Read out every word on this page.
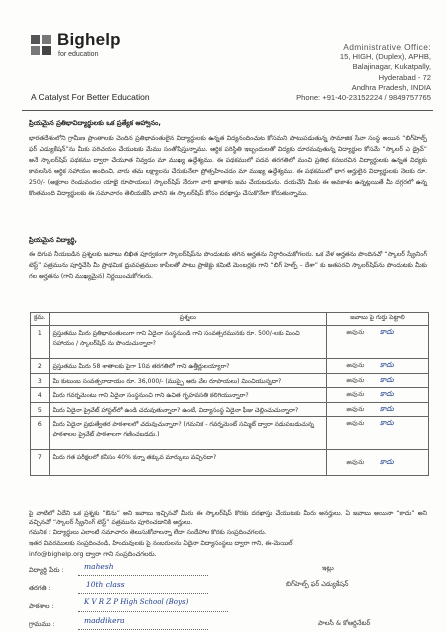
Bighelp
for education
A Catalyst For Better Education
Administrative Office:
15, HIGH, (Duplex), APHB,
Balajinagar, Kukatpally,
Hyderabad - 72
Andhra Pradesh, INDIA
Phone: +91-40-23152224 / 9849757765
ప్రియమైన ప్రతిభావిద్యార్థులకు ఒక ప్రత్యేక ఆహ్వానం,
భారతదేశంలోని గ్రామీణ ప్రాంతాలకు చెందిన ప్రతిభావంతులైన విద్యార్థులకు ఉన్నత విద్యనందించుట కోసమని పాటుపడుతున్న సామాజిక సేవా సంస్థ అయిన “బిగ్‌హెల్ప్ ఫర్ ఎడ్యుకేషన్”ను మీకు పరిచయం చేయుటకు మేము సంతోషిస్తున్నాము. ఆర్థిక పరిస్థితి ఇబ్బందులతో విద్యకు దూరమవుతున్న విద్యార్థుల కోసమే “స్కాలర్ ఎ డ్రైవ్” అనే స్కాలర్‌షిప్ పథకము ద్వారా చేయూత నివ్వడం మా ముఖ్య ఉద్దేశ్యము. ఈ పథకములో పదవ తరగతిలో మంచి ప్రతిభ కనబరచిన విద్యార్థులకు ఉన్నత విద్యకు కావలసిన ఆర్థిక సహాయం అందించి, వారు తమ లక్ష్యాలను చేరుకునేలా ప్రోత్సహించడం మా ముఖ్య ఉద్దేశ్యము. ఈ పథకములో భాగ అర్హులైన విద్యార్థులకు నెలకు రూ. 250/- (అక్షరాల రెండువందల యాభై రూపాయలు) స్కాలర్‌షిప్ నేరుగా వారి ఖాతాకు జమ చేయబడును. దయచేసి మీకు ఈ అవకాశం ఉన్నట్లయితే మీ దగ్గరలో ఉన్న కొంతమంది విద్యార్థులకు ఈ సమాచారం తెలియజేసి వారిని ఈ స్కాలర్‌షిప్ కోసం దరఖాస్తు చేసుకొనేలా కోరుతున్నాము.
ప్రియమైన విద్యార్థి,
ఈ దిగువ నీయబడిన ప్రశ్నలకు జవాబు లిఖిత పూర్వకంగా స్కాలర్‌షిప్‌ను పొందుటకు తగిన అర్హతను నిర్ధారించుకోగలరు. ఒక వేళ అర్హతను పొందినచో “స్కాలర్ స్క్రీనింగ్ టెస్ట్” పత్రమును పూర్తిచేసి మీ ప్రాథమిక ధ్రువపత్రముల కాపీలతో పాటు ప్రాజెక్టు కమిటి మెంబర్లకు గాని “బిగ్ హెల్ప్ – దేశా” కు జతపరచి స్కాలర్‌షిప్‌ను పొందుటకు మీకు గల అర్హతను (గాని ముఖ్యమైన) నిర్ణయించుకోగలరు.
క్రమ.	ప్రశ్నలు	జవాబు పై గుర్తు పెట్టాలి
1	ప్రస్తుతము మీరు ప్రతిభావంతులుగా గాని ఏదైనా సంస్థనుండి గాని సంవత్సరమునకు రూ. 500/-లకు మించి సహాయం / స్కాలర్‌షిప్ ను పొందుచున్నారా?	అవును కాదు
2	ప్రస్తుతము మీరు 58 శాతాలకు పైగా 10వ తరగతిలో గాని ఉత్తీర్ణులయ్యారా?	అవును కాదు
3	మీ కుటుంబ సంవత్సరాదాయం రూ. 36,000/- (ముప్పై ఆరు వేల రూపాయలు) మించియున్నదా?	అవును కాదు
4	మీరు గవర్నమెంటు గాని ఏదైనా సంస్థనుంచి గాని ఉచిత గృహవసతి కలిగియున్నారా?	అవును కాదు
5	మీరు ఏదైనా ప్రైవేట్ హాస్టల్‌లో ఉండి చదువుతున్నారా? ఉంటే, విద్యాసంస్థ ఏదైనా ఫీజు చెల్లించుచున్నారా?	అవును కాదు
6	మీరు ఏదైనా ప్రభుత్వేతర పాఠశాలలో చదువుచున్నారా? (గమనిక - గవర్నమెంట్ సమ్మిట్ ద్వారా నడుపబడుచున్న పాఠశాలల ప్రైవేట్ పాఠశాలగా గణించబడదు.)	అవును కాదు
7	మీరు గత పరీక్షలలో కనీసం 40% కన్నా తక్కువ మార్కులు వచ్చినదా?	అవును కాదు
పై వాటిలో ఏదేని ఒక ప్రశ్నకు “ఔను” అని జవాబు ఇచ్చినచో మీరు ఈ స్కాలర్‌షిప్ కొరకు దరఖాస్తు చేయుటకు మీరు అనర్హులు. ఏ జవాబు అయినా “కాదు” అని వచ్చినచో “స్కాలర్ స్క్రీనింగ్ టెస్ట్” పత్రమును పూరించడానికి అర్హులు.
గమనిక : విద్యార్థులు ఎలాంటి సమాచారం తెలుసుకోవాలన్నా లేదా సందేహాల కొరకు సంప్రదించగలరు.
ఇతర వివరములకు సంప్రదించండి, హిందువులకు పై నంబరులను ఏదైనా విద్యాసంస్థలు ద్వారా గాని, ఈ-మెయిల్
info@bighelp.org ద్వారా గాని సంప్రదించగలరు.
విద్యార్థి పేరు :	mahesh
తరగతి :	10th class
పాఠశాల :	K V R Z P High School (Boys)
గ్రామము :	maddikera
ఇట్లు
బిగ్‌హెల్ప్ ఫర్ ఎడ్యుకేషన్
పాలసీ & కోఆర్డినేటర్
